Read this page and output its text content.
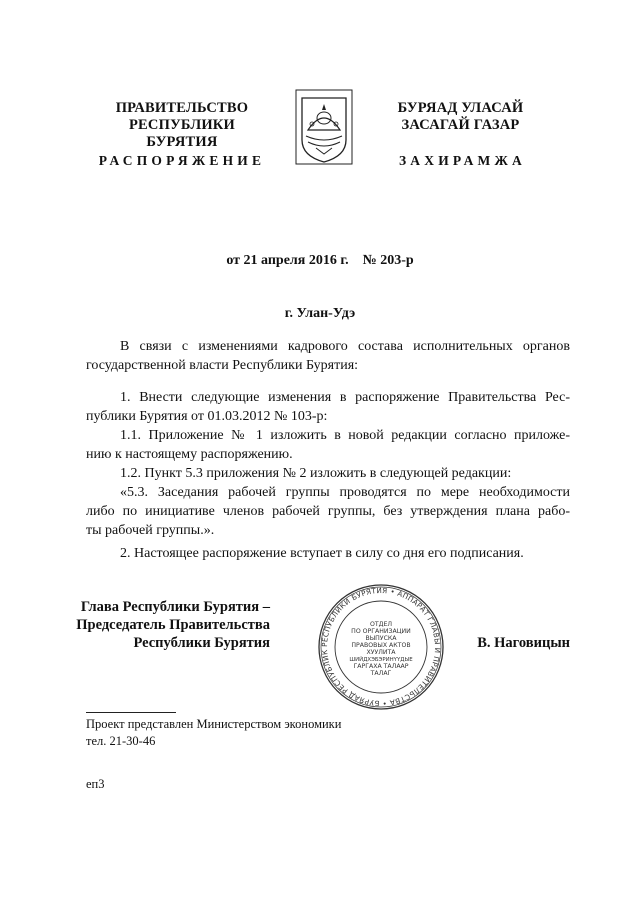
ПРАВИТЕЛЬСТВО
РЕСПУБЛИКИ БУРЯТИЯ
РАСПОРЯЖЕНИЕ
БУРЯАД УЛАСАЙ
ЗАСАГАЙ ГАЗАР
ЗАХИРАМЖА
от 21 апреля 2016 г.    № 203-р
г. Улан-Удэ
В связи с изменениями кадрового состава исполнительных органов
государственной власти Республики Бурятия:
1. Внести следующие изменения в распоряжение Правительства Рес-
публики Бурятия от 01.03.2012 № 103-р:
1.1. Приложение № 1 изложить в новой редакции согласно приложе-
нию к настоящему распоряжению.
1.2. Пункт 5.3 приложения № 2 изложить в следующей редакции:
«5.3. Заседания рабочей группы проводятся по мере необходимости
либо по инициативе членов рабочей группы, без утверждения плана рабо-
ты рабочей группы.».
2. Настоящее распоряжение вступает в силу со дня его подписания.
Глава Республики Бурятия –
Председатель Правительства
Республики Бурятия	РЕСПУБЛИКИ БУРЯТИЯ • АППАРАТ ГЛАВЫ И ПРАВИТЕЛЬСТВА • БУРЯАД РЕСПУБЛИК
ОТДЕЛ
ПО ОРГАНИЗАЦИИ
ВЫПУСКА
ПРАВОВЫХ АКТОВ
ХУУЛИТА
ШИЙДХЭБЭРИНҮҮДЫЕ
ГАРГАХА ТАЛААР
ТАЛАГ
В. Наговицын
Проект представлен Министерством экономики
тел. 21-30-46
еп3
